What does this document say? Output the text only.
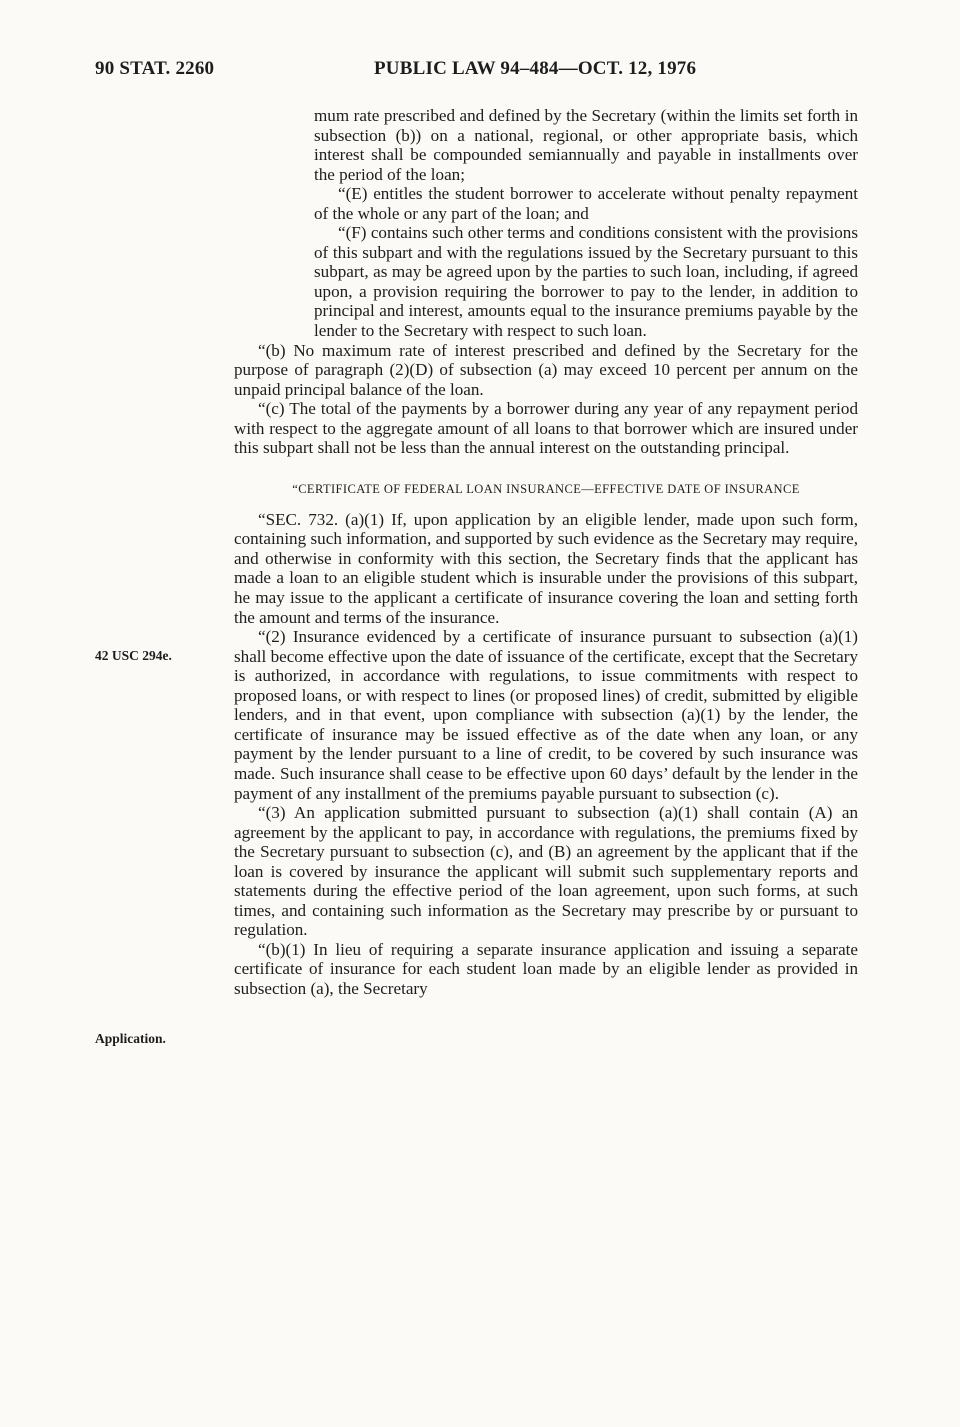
90 STAT. 2260	PUBLIC LAW 94–484—OCT. 12, 1976
42 USC 294e.
Application.

mum rate prescribed and defined by the Secretary (within the limits set forth in subsection (b)) on a national, regional, or other appropriate basis, which interest shall be compounded semiannually and payable in installments over the period of the loan;

“(E) entitles the student borrower to accelerate without penalty repayment of the whole or any part of the loan; and

“(F) contains such other terms and conditions consistent with the provisions of this subpart and with the regulations issued by the Secretary pursuant to this subpart, as may be agreed upon by the parties to such loan, including, if agreed upon, a provision requiring the borrower to pay to the lender, in addition to principal and interest, amounts equal to the insurance premiums payable by the lender to the Secretary with respect to such loan.

“(b) No maximum rate of interest prescribed and defined by the Secretary for the purpose of paragraph (2)(D) of subsection (a) may exceed 10 percent per annum on the unpaid principal balance of the loan.

“(c) The total of the payments by a borrower during any year of any repayment period with respect to the aggregate amount of all loans to that borrower which are insured under this subpart shall not be less than the annual interest on the outstanding principal.

“CERTIFICATE OF FEDERAL LOAN INSURANCE—EFFECTIVE DATE OF INSURANCE

“SEC. 732. (a)(1) If, upon application by an eligible lender, made upon such form, containing such information, and supported by such evidence as the Secretary may require, and otherwise in conformity with this section, the Secretary finds that the applicant has made a loan to an eligible student which is insurable under the provisions of this subpart, he may issue to the applicant a certificate of insurance covering the loan and setting forth the amount and terms of the insurance.

“(2) Insurance evidenced by a certificate of insurance pursuant to subsection (a)(1) shall become effective upon the date of issuance of the certificate, except that the Secretary is authorized, in accordance with regulations, to issue commitments with respect to proposed loans, or with respect to lines (or proposed lines) of credit, submitted by eligible lenders, and in that event, upon compliance with subsection (a)(1) by the lender, the certificate of insurance may be issued effective as of the date when any loan, or any payment by the lender pursuant to a line of credit, to be covered by such insurance was made. Such insurance shall cease to be effective upon 60 days’ default by the lender in the payment of any installment of the premiums payable pursuant to subsection (c).

“(3) An application submitted pursuant to subsection (a)(1) shall contain (A) an agreement by the applicant to pay, in accordance with regulations, the premiums fixed by the Secretary pursuant to subsection (c), and (B) an agreement by the applicant that if the loan is covered by insurance the applicant will submit such supplementary reports and statements during the effective period of the loan agreement, upon such forms, at such times, and containing such information as the Secretary may prescribe by or pursuant to regulation.

“(b)(1) In lieu of requiring a separate insurance application and issuing a separate certificate of insurance for each student loan made by an eligible lender as provided in subsection (a), the Secretary
